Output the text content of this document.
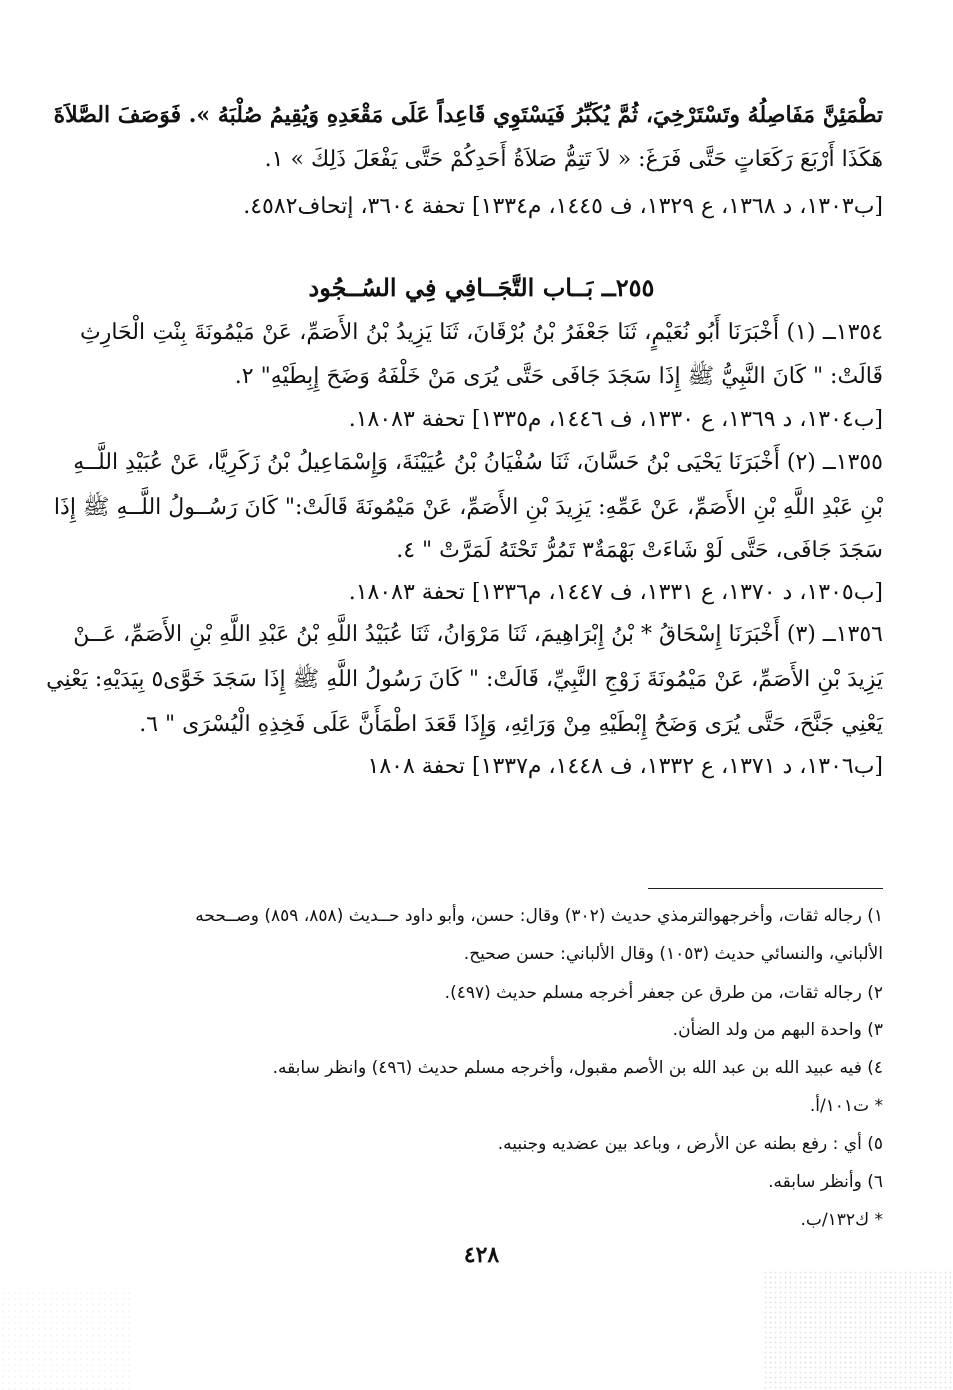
تطْمَئِنَّ مَفَاصِلُهُ وتَسْتَرْخِيَ، ثُمَّ يُكَبِّرُ فَيَسْتَوِي قَاعِداً عَلَى مَقْعَدِهِ وَيُقِيمُ صُلْبَهُ ». فَوَصَفَ الصَّلاَةَ
هَكَذَا أَرْبَعَ رَكَعَاتٍ حَتَّى فَرَغَ: « لاَ تَتِمُّ صَلاَةُ أَحَدِكُمْ حَتَّى يَفْعَلَ ذَلِكَ » ١.
[ب١٣٠٣، د ١٣٦٨، ع ١٣٢٩، ف ١٤٤٥، م١٣٣٤] تحفة ٣٦٠٤، إتحاف٤٥٨٢.
٢٥٥ــ بَــاب التَّجَــافِي فِي السُــجُود
١٣٥٤ــ (١) أَخْبَرَنَا أَبُو نُعَيْمٍ، ثَنَا جَعْفَرُ بْنُ بُرْقَانَ، ثَنَا يَزِيدُ بْنُ الأَصَمِّ، عَنْ مَيْمُونَةَ بِنْتِ الْحَارِثِ
قَالَتْ: " كَانَ النَّبِيُّ ﷺ إِذَا سَجَدَ جَافَى حَتَّى يُرَى مَنْ خَلْفَهُ وَضَحَ إِبِطَيْهِ" ٢.
[ب١٣٠٤، د ١٣٦٩، ع ١٣٣٠، ف ١٤٤٦، م١٣٣٥] تحفة ١٨٠٨٣.
١٣٥٥ــ (٢) أَخْبَرَنَا يَحْيَى بْنُ حَسَّانَ، ثَنَا سُفْيَانُ بْنُ عُيَيْنَةَ، وَإِسْمَاعِيلُ بْنُ زَكَرِيَّا، عَنْ عُبَيْدِ اللَّــهِ
بْنِ عَبْدِ اللَّهِ بْنِ الأَصَمِّ، عَنْ عَمِّهِ: يَزِيدَ بْنِ الأَصَمِّ، عَنْ مَيْمُونَةَ قَالَتْ:" كَانَ رَسُــولُ اللَّــهِ ﷺ إِذَا
سَجَدَ جَافَى، حَتَّى لَوْ شَاءَتْ بَهْمَةٌ٣ تَمُرُّ تَحْتَهُ لَمَرَّتْ " ٤.
[ب١٣٠٥، د ١٣٧٠، ع ١٣٣١، ف ١٤٤٧، م١٣٣٦] تحفة ١٨٠٨٣.
١٣٥٦ــ (٣) أَخْبَرَنَا إِسْحَاقُ * بْنُ إِبْرَاهِيمَ، ثَنَا مَرْوَانُ، ثَنَا عُبَيْدُ اللَّهِ بْنُ عَبْدِ اللَّهِ بْنِ الأَصَمِّ، عَــنْ
يَزِيدَ بْنِ الأَصَمِّ، عَنْ مَيْمُونَةَ زَوْجِ النَّبِيِّ، قَالَتْ: " كَانَ رَسُولُ اللَّهِ ﷺ إِذَا سَجَدَ خَوَّى٥ بِيَدَيْهِ: يَعْنِي
يَعْنِي جَنَّحَ، حَتَّى يُرَى وَضَحُ إِبْطَيْهِ مِنْ وَرَائِهِ، وَإِذَا قَعَدَ اطْمَأَنَّ عَلَى فَخِذِهِ الْيُسْرَى " ٦.
[ب١٣٠٦، د ١٣٧١، ع ١٣٣٢، ف ١٤٤٨، م١٣٣٧] تحفة ١٨٠٨
١) رجاله ثقات، وأخرجهوالترمذي حديث (٣٠٢) وقال: حسن، وأبو داود حــديث (٨٥٨، ٨٥٩) وصــححه
الألباني، والنسائي حديث (١٠٥٣) وقال الألباني: حسن صحيح.
٢) رجاله ثقات، من طرق عن جعفر أخرجه مسلم حديث (٤٩٧).
٣) واحدة البهم من ولد الضأن.
٤) فيه عبيد الله بن عبد الله بن الأصم مقبول، وأخرجه مسلم حديث (٤٩٦) وانظر سابقه.
* ت١٠١/أ.
٥) أي : رفع بطنه عن الأرض ، وباعد بين عضديه وجنبيه.
٦) وأنظر سابقه.
* ك١٣٢/ب.
٤٢٨
